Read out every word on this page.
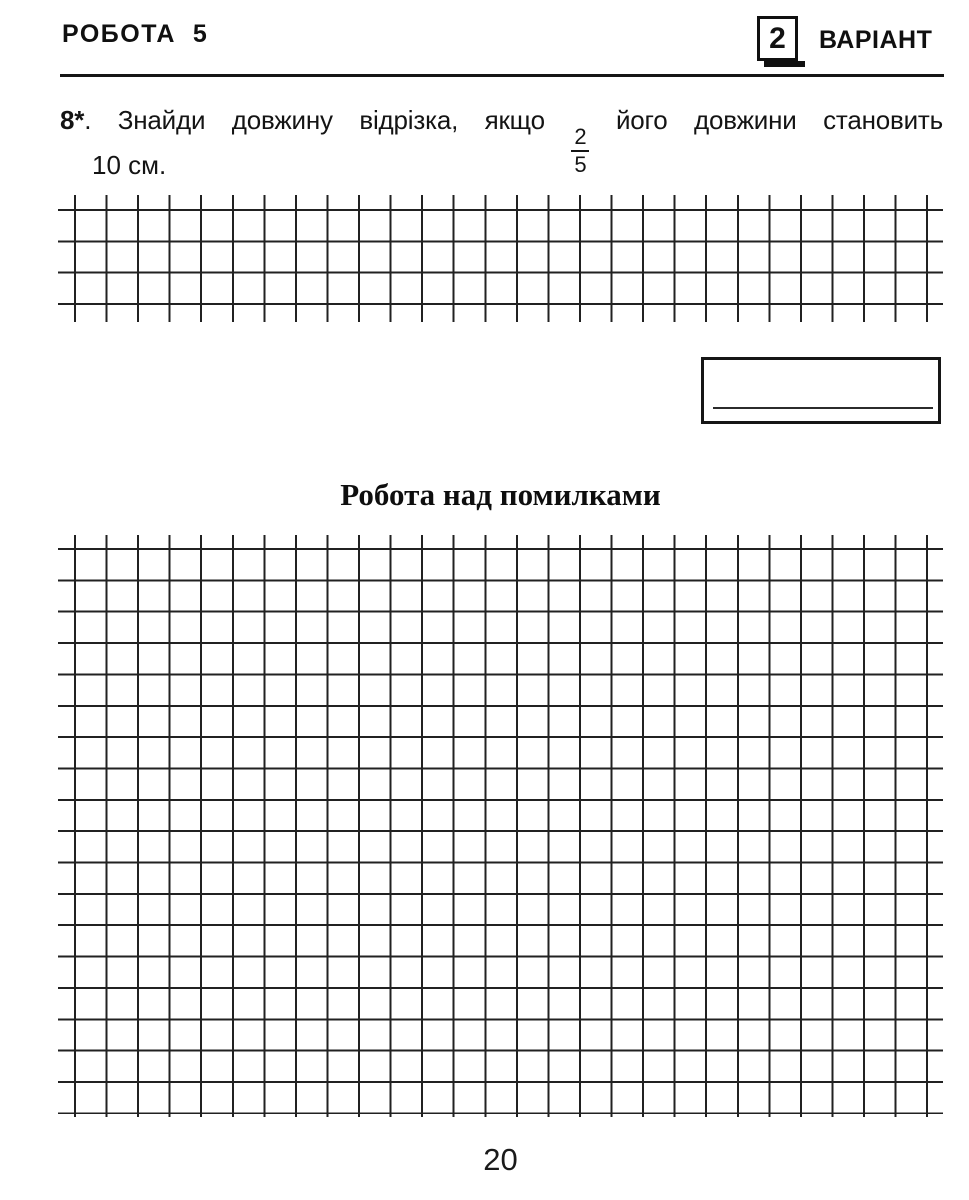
РОБОТА  5	2 ВАРІАНТ

8*. Знайди довжину відрізка, якщо
$\frac{2}{5}$
його довжини становить

10 см.
Робота над помилками
20
